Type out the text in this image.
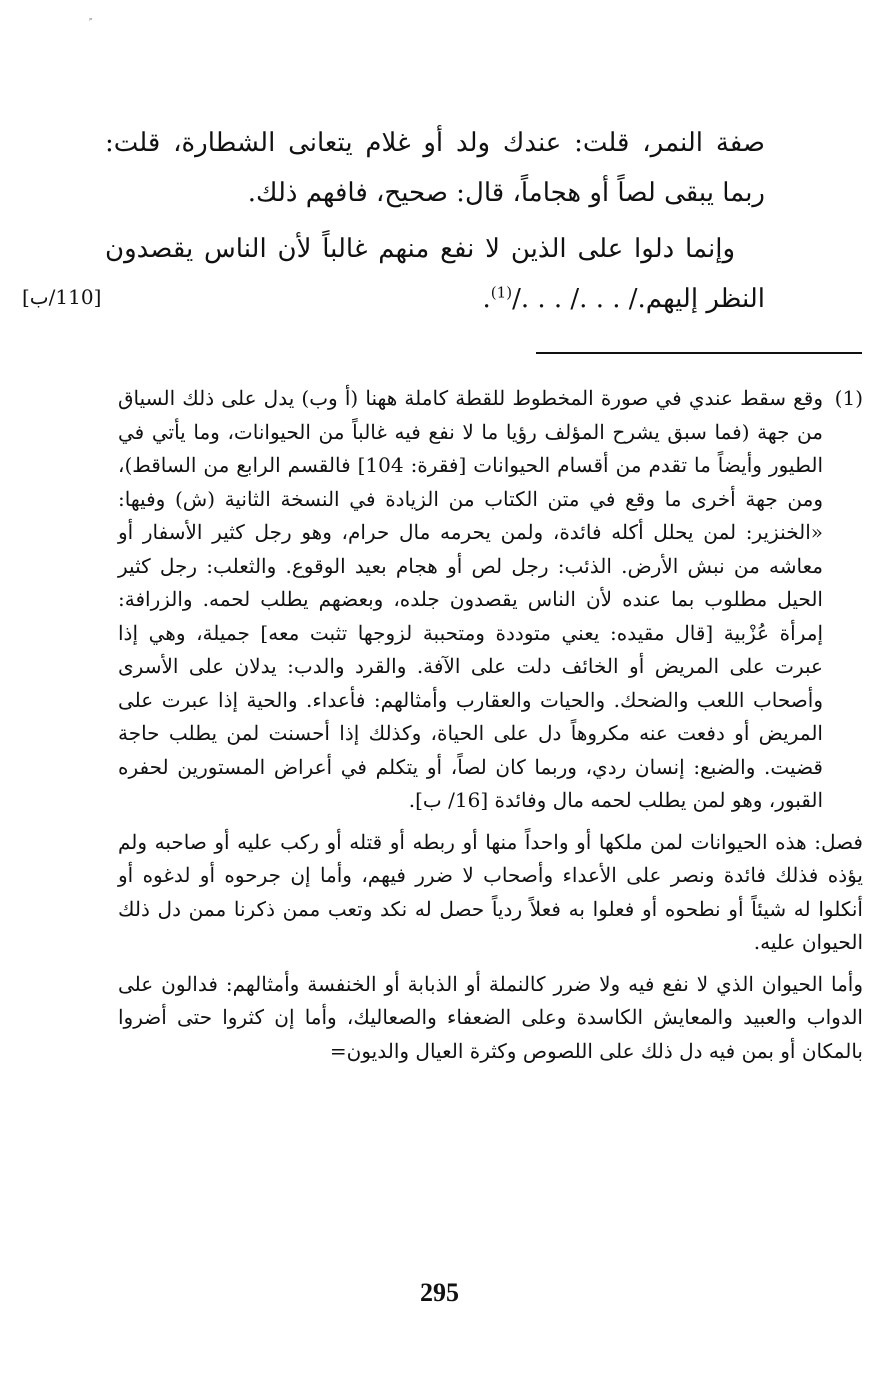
صفة النمر، قلت: عندك ولد أو غلام يتعانى الشطارة، قلت: ربما يبقى لصاً أو هجاماً، قال: صحيح، فافهم ذلك.

وإنما دلوا على الذين لا نفع منهم غالباً لأن الناس يقصدون النظر إليهم./ . . ./ . . ./$^{(1)}$.

[110/ب]

(1)
وقع سقط عندي في صورة المخطوط للقطة كاملة ههنا (أ وب) يدل على ذلك السياق من جهة (فما سبق يشرح المؤلف رؤيا ما لا نفع فيه غالباً من الحيوانات، وما يأتي في الطيور وأيضاً ما تقدم من أقسام الحيوانات [فقرة: 104] فالقسم الرابع من الساقط)، ومن جهة أخرى ما وقع في متن الكتاب من الزيادة في النسخة الثانية (ش) وفيها: «الخنزير: لمن يحلل أكله فائدة، ولمن يحرمه مال حرام، وهو رجل كثير الأسفار أو معاشه من نبش الأرض. الذئب: رجل لص أو هجام بعيد الوقوع. والثعلب: رجل كثير الحيل مطلوب بما عنده لأن الناس يقصدون جلده، وبعضهم يطلب لحمه. والزرافة: إمرأة عُزْبية [قال مقيده: يعني متوددة ومتحببة لزوجها تثبت معه] جميلة، وهي إذا عبرت على المريض أو الخائف دلت على الآفة. والقرد والدب: يدلان على الأسرى وأصحاب اللعب والضحك. والحيات والعقارب وأمثالهم: فأعداء. والحية إذا عبرت على المريض أو دفعت عنه مكروهاً دل على الحياة، وكذلك إذا أحسنت لمن يطلب حاجة قضيت. والضبع: إنسان ردي، وربما كان لصاً، أو يتكلم في أعراض المستورين لحفره القبور، وهو لمن يطلب لحمه مال وفائدة [16/ ب].

فصل: هذه الحيوانات لمن ملكها أو واحداً منها أو ربطه أو قتله أو ركب عليه أو صاحبه ولم يؤذه فذلك فائدة ونصر على الأعداء وأصحاب لا ضرر فيهم، وأما إن جرحوه أو لدغوه أو أنكلوا له شيئاً أو نطحوه أو فعلوا به فعلاً ردياً حصل له نكد وتعب ممن ذكرنا ممن دل ذلك الحيوان عليه.

وأما الحيوان الذي لا نفع فيه ولا ضرر كالنملة أو الذبابة أو الخنفسة وأمثالهم: فدالون على الدواب والعبيد والمعايش الكاسدة وعلى الضعفاء والصعاليك، وأما إن كثروا حتى أضروا بالمكان أو بمن فيه دل ذلك على اللصوص وكثرة العيال والديون=

295
